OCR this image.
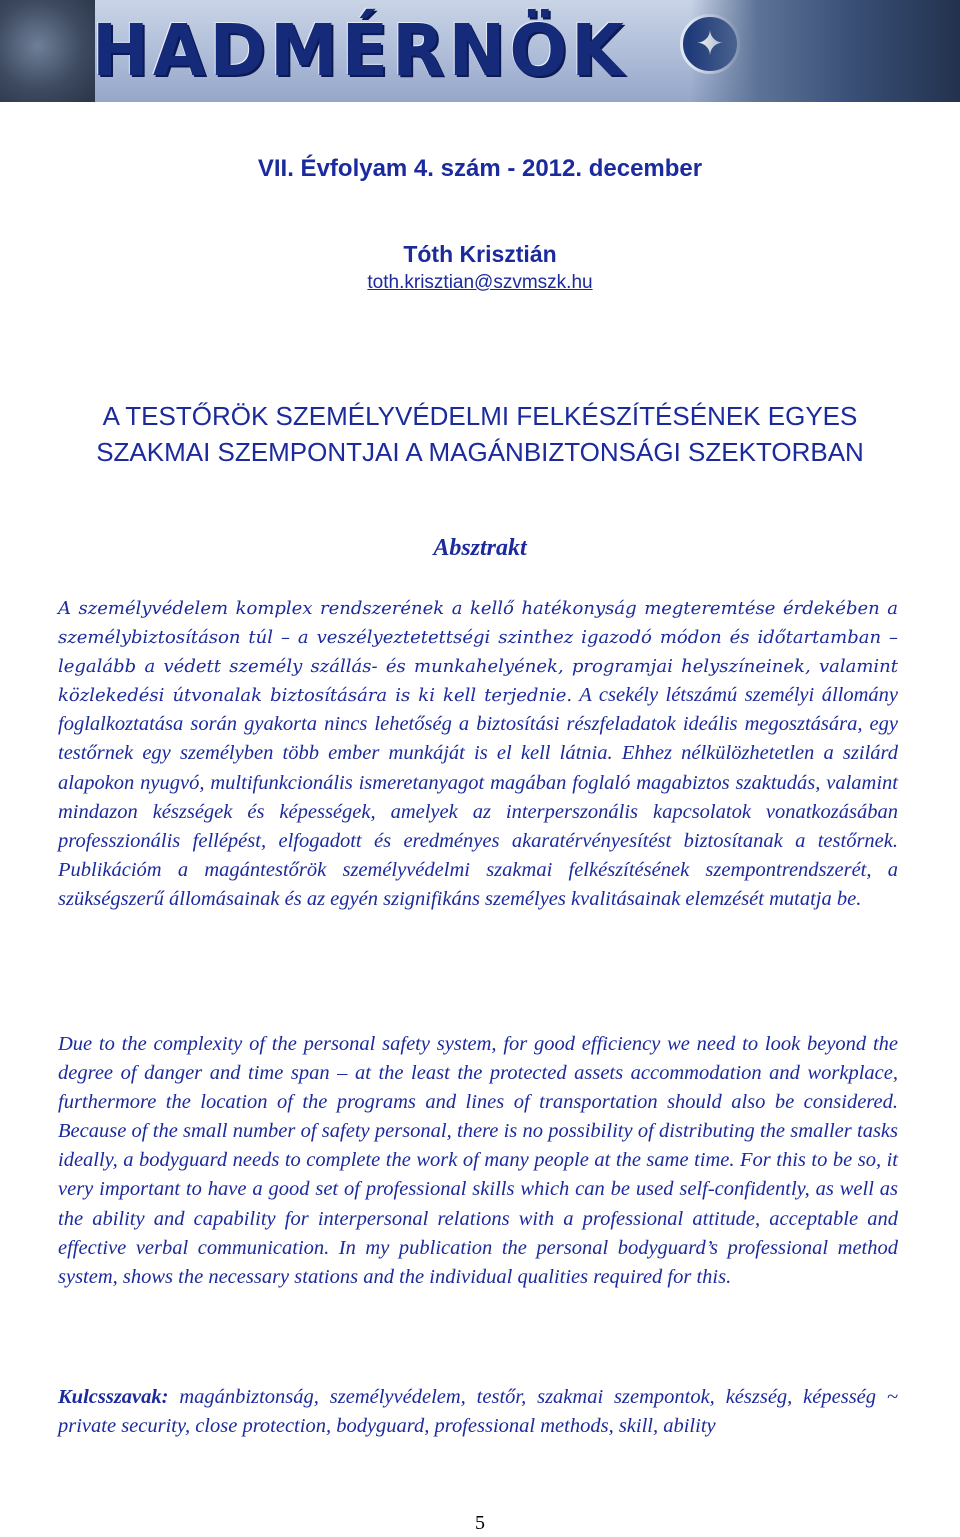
HADMÉRNÖK
✦
VII. Évfolyam 4. szám - 2012. december
Tóth Krisztián
toth.krisztian@szvmszk.hu
A TESTŐRÖK SZEMÉLYVÉDELMI FELKÉSZÍTÉSÉNEK EGYES
SZAKMAI SZEMPONTJAI A MAGÁNBIZTONSÁGI SZEKTORBAN
Absztrakt
A személyvédelem komplex rendszerének a kellő hatékonyság megteremtése érdekében a személybiztosításon túl – a veszélyeztetettségi szinthez igazodó módon és időtartamban – legalább a védett személy szállás- és munkahelyének, programjai helyszíneinek, valamint közlekedési útvonalak biztosítására is ki kell terjednie. A csekély létszámú személyi állomány foglalkoztatása során gyakorta nincs lehetőség a biztosítási részfeladatok ideális megosztására, egy testőrnek egy személyben több ember munkáját is el kell látnia. Ehhez nélkülözhetetlen a szilárd alapokon nyugvó, multifunkcionális ismeretanyagot magában foglaló magabiztos szaktudás, valamint mindazon készségek és képességek, amelyek az interperszonális kapcsolatok vonatkozásában professzionális fellépést, elfogadott és eredményes akaratérvényesítést biztosítanak a testőrnek. Publikációm a magántestőrök személyvédelmi szakmai felkészítésének szempontrendszerét, a szükségszerű állomásainak és az egyén szignifikáns személyes kvalitásainak elemzését mutatja be.
Due to the complexity of the personal safety system, for good efficiency we need to look beyond the degree of danger and time span – at the least the protected assets accommodation and workplace, furthermore the location of the programs and lines of transportation should also be considered. Because of the small number of safety personal, there is no possibility of distributing the smaller tasks ideally, a bodyguard needs to complete the work of many people at the same time. For this to be so, it very important to have a good set of professional skills which can be used self-confidently, as well as the ability and capability for interpersonal relations with a professional attitude, acceptable and effective verbal communication. In my publication the personal bodyguard’s professional method system, shows the necessary stations and the individual qualities required for this.
Kulcsszavak: magánbiztonság, személyvédelem, testőr, szakmai szempontok, készség, képesség ~ private security, close protection, bodyguard, professional methods, skill, ability
5
